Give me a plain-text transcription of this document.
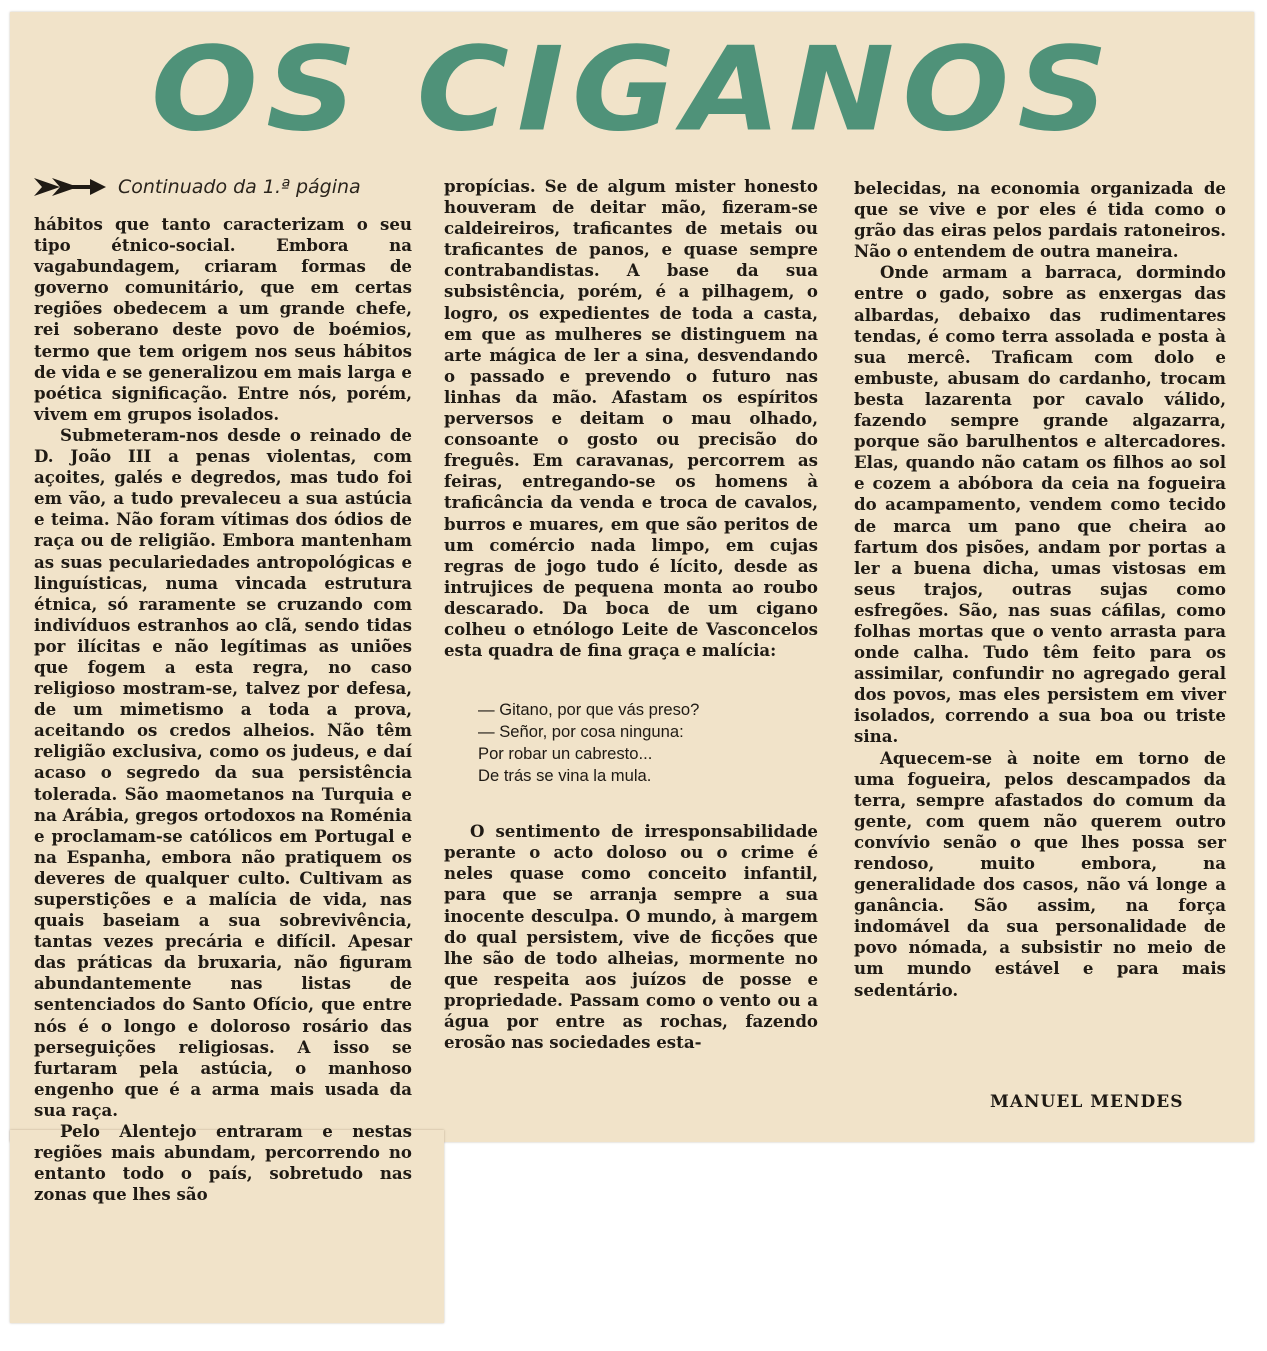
OS CIGANOS
Continuado da 1.ª página

hábitos que tanto caracterizam o seu tipo étnico-social. Embora na vagabundagem, criaram formas de governo comunitário, que em certas regiões obedecem a um grande chefe, rei soberano deste povo de boémios, termo que tem origem nos seus hábitos de vida e se generalizou em mais larga e poética significação. Entre nós, porém, vivem em grupos isolados.

Submeteram-nos desde o reinado de D. João III a penas violentas, com açoites, galés e degredos, mas tudo foi em vão, a tudo prevaleceu a sua astúcia e teima. Não foram vítimas dos ódios de raça ou de religião. Embora mantenham as suas peculariedades antropológicas e linguísticas, numa vincada estrutura étnica, só raramente se cruzando com indivíduos estranhos ao clã, sendo tidas por ilícitas e não legítimas as uniões que fogem a esta regra, no caso religioso mostram-se, talvez por defesa, de um mimetismo a toda a prova, aceitando os credos alheios. Não têm religião exclusiva, como os judeus, e daí acaso o segredo da sua persistência tolerada. São maometanos na Turquia e na Arábia, gregos ortodoxos na Roménia e proclamam-se católicos em Portugal e na Espanha, embora não pratiquem os deveres de qualquer culto. Cultivam as superstições e a malícia de vida, nas quais baseiam a sua sobrevivência, tantas vezes precária e difícil. Apesar das práticas da bruxaria, não figuram abundantemente nas listas de sentenciados do Santo Ofício, que entre nós é o longo e doloroso rosário das perseguições religiosas. A isso se furtaram pela astúcia, o manhoso engenho que é a arma mais usada da sua raça.

Pelo Alentejo entraram e nestas regiões mais abundam, percorrendo no entanto todo o país, sobretudo nas zonas que lhes são

propícias. Se de algum mister honesto houveram de deitar mão, fizeram-se caldeireiros, traficantes de metais ou traficantes de panos, e quase sempre contrabandistas. A base da sua subsistência, porém, é a pilhagem, o logro, os expedientes de toda a casta, em que as mulheres se distinguem na arte mágica de ler a sina, desvendando o passado e prevendo o futuro nas linhas da mão. Afastam os espíritos perversos e deitam o mau olhado, consoante o gosto ou precisão do freguês. Em caravanas, percorrem as feiras, entregando-se os homens à traficância da venda e troca de cavalos, burros e muares, em que são peritos de um comércio nada limpo, em cujas regras de jogo tudo é lícito, desde as intrujices de pequena monta ao roubo descarado. Da boca de um cigano colheu o etnólogo Leite de Vasconcelos esta quadra de fina graça e malícia:

— Gitano, por que vás preso?
— Señor, por cosa ninguna:
Por robar un cabresto...
De trás se vina la mula.

O sentimento de irresponsabilidade perante o acto doloso ou o crime é neles quase como conceito infantil, para que se arranja sempre a sua inocente desculpa. O mundo, à margem do qual persistem, vive de ficções que lhe são de todo alheias, mormente no que respeita aos juízos de posse e propriedade. Passam como o vento ou a água por entre as rochas, fazendo erosão nas sociedades esta-

belecidas, na economia organizada de que se vive e por eles é tida como o grão das eiras pelos pardais ratoneiros. Não o entendem de outra maneira.

Onde armam a barraca, dormindo entre o gado, sobre as enxergas das albardas, debaixo das rudimentares tendas, é como terra assolada e posta à sua mercê. Traficam com dolo e embuste, abusam do cardanho, trocam besta lazarenta por cavalo válido, fazendo sempre grande algazarra, porque são barulhentos e altercadores. Elas, quando não catam os filhos ao sol e cozem a abóbora da ceia na fogueira do acampamento, vendem como tecido de marca um pano que cheira ao fartum dos pisões, andam por portas a ler a buena dicha, umas vistosas em seus trajos, outras sujas como esfregões. São, nas suas cáfilas, como folhas mortas que o vento arrasta para onde calha. Tudo têm feito para os assimilar, confundir no agregado geral dos povos, mas eles persistem em viver isolados, correndo a sua boa ou triste sina.

Aquecem-se à noite em torno de uma fogueira, pelos descampados da terra, sempre afastados do comum da gente, com quem não querem outro convívio senão o que lhes possa ser rendoso, muito embora, na generalidade dos casos, não vá longe a ganância. São assim, na força indomável da sua personalidade de povo nómada, a subsistir no meio de um mundo estável e para mais sedentário.

MANUEL MENDES
